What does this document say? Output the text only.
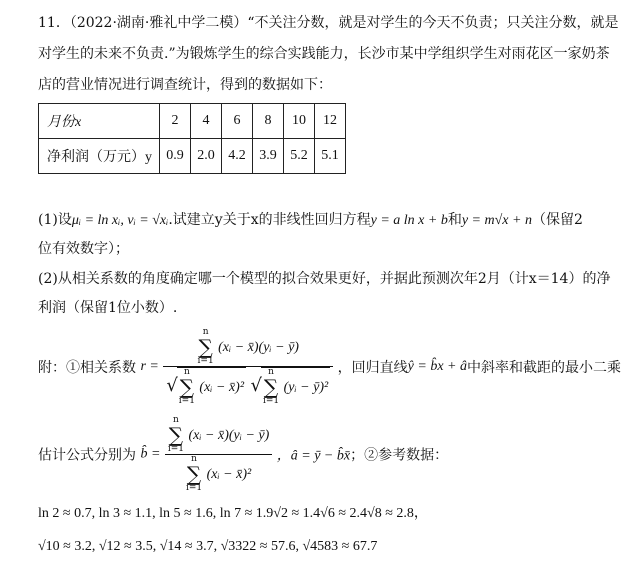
11．（2022·湖南·雅礼中学二模）“不关注分数，就是对学生的今天不负责；只关注分数，就是
对学生的未来不负责.”为锻炼学生的综合实践能力，长沙市某中学组织学生对雨花区一家奶茶
店的营业情况进行调查统计，得到的数据如下：
月份x	2	4	6	8	10	12
净利润（万元）y	0.9	2.0	4.2	3.9	5.2	5.1
(1)设μᵢ = ln xᵢ, vᵢ = √xᵢ.试建立y关于x的非线性回归方程y = a ln x + b和y = m√x + n（保留2
位有效数字）；
(2)从相关系数的角度确定哪一个模型的拟合效果更好，并据此预测次年2月（计x＝14）的净
利润（保留1位小数）.
附：①相关系数 r =
n
∑
i=1 (xᵢ − x̄)(yᵢ − ȳ)
√n
∑
i=1 (xᵢ − x̄)² √n
∑
i=1 (yᵢ − ȳ)²
，回归直线ŷ = b̂x + â中斜率和截距的最小二乘
估计公式分别为 b̂ = n
∑
i=1 (xᵢ − x̄)(yᵢ − ȳ)
n
∑
i=1 (xᵢ − x̄)² ，â = ȳ − b̂x̄；②参考数据：
ln 2 ≈ 0.7, ln 3 ≈ 1.1, ln 5 ≈ 1.6, ln 7 ≈ 1.9√2 ≈ 1.4√6 ≈ 2.4√8 ≈ 2.8，
√10 ≈ 3.2, √12 ≈ 3.5, √14 ≈ 3.7, √3322 ≈ 57.6, √4583 ≈ 67.7
